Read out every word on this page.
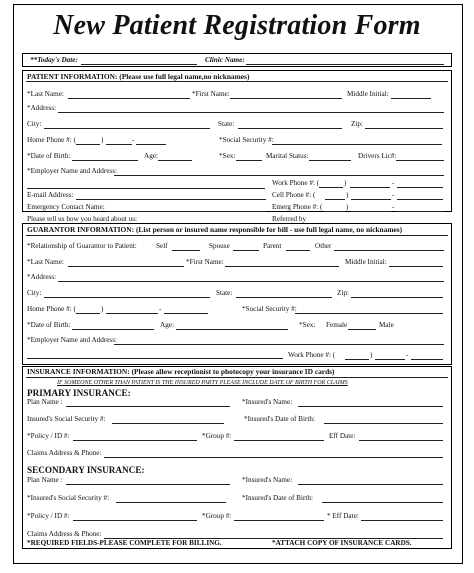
New Patient Registration Form
**Today's Date:	Clinic Name:
PATIENT INFORMATION: (Please use full legal name,no nicknames)
*Last Name:	*First Name:	Middle Initial:
*Address:
City:	State:	Zip:
Home Phone #: (	)	-	*Social Security #:
*Date of Birth:	Age:	*Sex:	Marital Status:	Drivers Lic#:
*Employer Name and Address:
Work Phone #: (	)	-
E-mail Address:	Cell Phone #: (	)	-
Emergency Contact Name:	Emerg Phone #: (	)	-
Please tell us how you heard about us:	Referred by
GUARANTOR INFORMATION: (List person or insured name responsible for bill - use full legal name, no nicknames)
*Relationship of Guarantor to Patient:	Self	Spouse	Parent	Other
*Last Name:	*First Name:	Middle Initial:
*Address:
City:	State:	Zip:
Home Phone #: (	)	-	*Social Security #:
*Date of Birth:	Age:	*Sex: Female	Male
*Employer Name and Address:
Work Phone #: (	)	-
INSURANCE INFORMATION: (Please allow receptionist to photocopy your insurance ID cards)
IF SOMEONE OTHER THAN PATIENT IS THE INSURED PARTY PLEASE INCLUDE DATE OF BIRTH FOR CLAIMS
PRIMARY INSURANCE:
Plan Name :	*Insured's Name:
Insured's Social Security #:	*Insured's Date of Birth:
*Policy / ID #:	*Group #:	Eff Date:
Claims Address & Phone:
SECONDARY INSURANCE:
Plan Name :	*Insured's Name:
*Insured's Social Security #:	*Insured's Date of Birth:
*Policy / ID #:	*Group #:	* Eff Date:
Claims Address & Phone:
*REQUIRED FIELDS-PLEASE COMPLETE FOR BILLING.	*ATTACH COPY OF INSURANCE CARDS.
